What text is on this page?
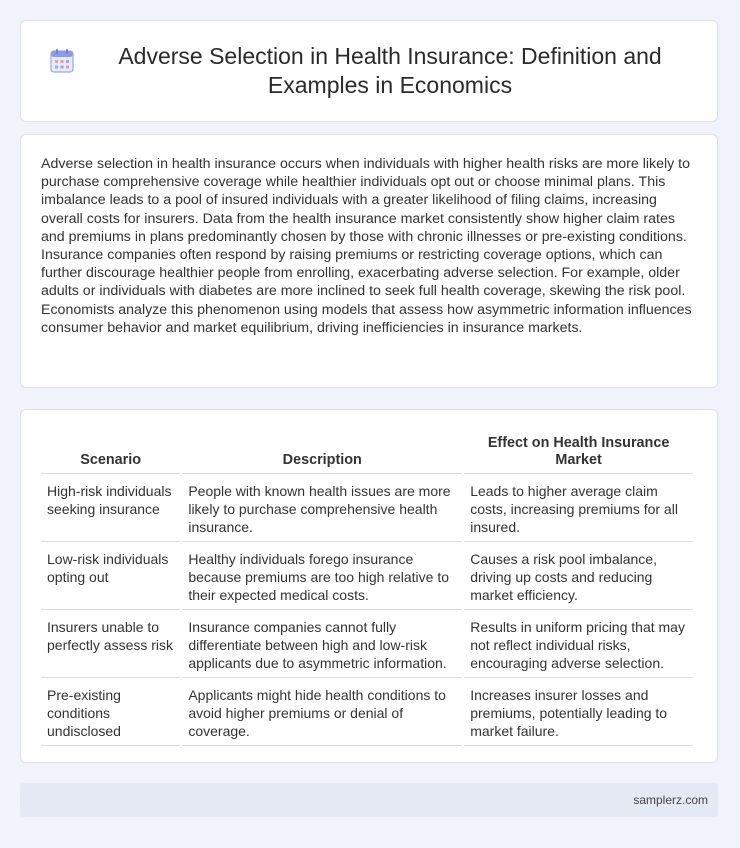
Adverse Selection in Health Insurance: Definition and Examples in Economics

Adverse selection in health insurance occurs when individuals with higher health risks are more likely to purchase comprehensive coverage while healthier individuals opt out or choose minimal plans. This imbalance leads to a pool of insured individuals with a greater likelihood of filing claims, increasing overall costs for insurers. Data from the health insurance market consistently show higher claim rates and premiums in plans predominantly chosen by those with chronic illnesses or pre-existing conditions. Insurance companies often respond by raising premiums or restricting coverage options, which can further discourage healthier people from enrolling, exacerbating adverse selection. For example, older adults or individuals with diabetes are more inclined to seek full health coverage, skewing the risk pool. Economists analyze this phenomenon using models that assess how asymmetric information influences consumer behavior and market equilibrium, driving inefficiencies in insurance markets.

Scenario	Description	Effect on Health Insurance Market
High-risk individuals seeking insurance	People with known health issues are more likely to purchase comprehensive health insurance.	Leads to higher average claim costs, increasing premiums for all insured.
Low-risk individuals opting out	Healthy individuals forego insurance because premiums are too high relative to their expected medical costs.	Causes a risk pool imbalance, driving up costs and reducing market efficiency.
Insurers unable to perfectly assess risk	Insurance companies cannot fully differentiate between high and low-risk applicants due to asymmetric information.	Results in uniform pricing that may not reflect individual risks, encouraging adverse selection.
Pre-existing conditions undisclosed	Applicants might hide health conditions to avoid higher premiums or denial of coverage.	Increases insurer losses and premiums, potentially leading to market failure.
samplerz.com
